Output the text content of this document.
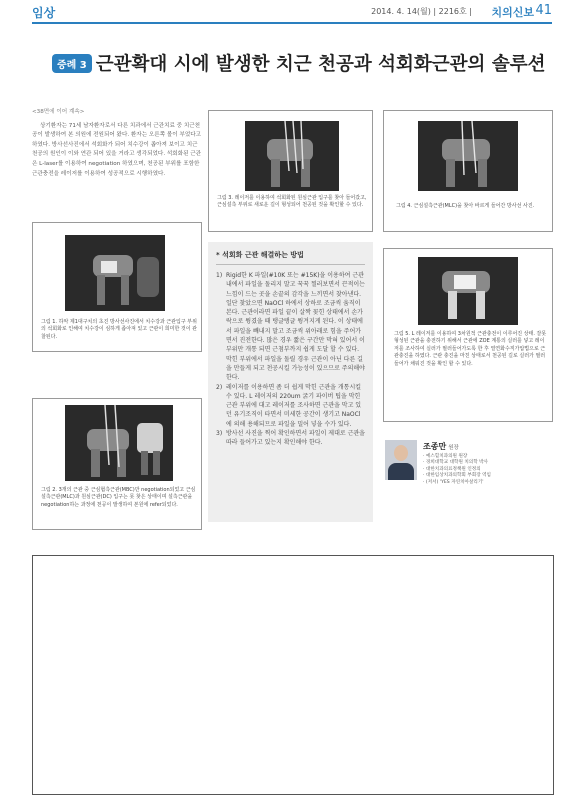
임상	2014. 4. 14(월) | 2216호 | 치의신보 41
증례 3 근관확대 시에 발생한 치근 천공과 석회화근관의 솔루션
<38면에 이어 계속>

상기환자는 71세 남자환자로서 다른 치과에서 근관치료 중 치근천공이 발생하여 본 의원에 전원되어 왔다. 환자는 오른쪽 볼이 부었다고 하였다. 방사선사진에서 석회화가 되어 치수강이 좁아져 보이고 치근 천공의 원인이 이와 연관 되어 있을 거라고 생각되었다. 석회화된 근관은 L-laser를 이용하여 negotiation 하였으며, 천공된 부위를 포함한 근관충전을 레이저를 이용하여 성공적으로 시행하였다.

그림 1. 하악 제1대구치의 초진 방사선사진에서 치수강과 근관입구 부위의 석회화로 인해여 치수강이 심하게 좁아져 있고 근관이 희미한 것이 관찰된다.
그림 2. 3개의 근관 중 근심협측근관(MBC)만 negotiation되었고 근심설측근관(MLC)과 원심근관(DC) 입구는 못 찾은 상태이며 설측근관을 negotiation하는 과정에 천공이 발생하여 본원에 refer되었다.
그림 3. 레이저를 이용하여 석회화된 원심근관 입구를 찾아 들어갔고, 근심설측 부위로 새로운 길이 형성되어 천공된 것을 확인할 수 있다.	그림 4. 근심설측근관(MLC)을 찾아 바르게 들어간 방사선 사진.
그림 5. L 레이저를 이용하여 3차원적 근관충전이 이루어진 상태. 잘못 형성된 근관을 충전하기 위해서 근관에 ZOE 계통의 실러를 넣고 레이저를 조사하여 실러가 필러들어가도록 한 후 열연화수직가압법으로 근관충진을 하였다. 근관 충진을 마친 상태로서 천공된 길로 실러가 필러들어가 채워진 것을 확인 할 수 있다.
* 석회화 근관 해결하는 방법
1) Rigid한 K 파일(#10K 또는 #15K)을 이용하여 근관내에서 파일을 돌리지 말고 꾹꾹 찔러보면서 끈적이는 느낌이 드는 곳을 손끝의 감각을 느끼면서 찾아낸다. 일단 찾았으면 NaOCl 하에서 상하로 조금씩 움직이본다. 근관이라면 파일 끝이 살짝 꽂힌 상태에서 손가락으로 튕겼을 때 탱글탱글 튕겨지게 된다. 이 상태에서 파일을 빼내지 말고 조금씩 위아래로 힘을 주어가면서 진전한다. 많은 경우 짧은 구간만 막혀 있어서 이 부위만 개통 되면 근첨부까지 쉽게 도달 할 수 있다. 막힌 부위에서 파일을 돌릴 경우 근관이 아닌 다른 길을 만들게 되고 천공시킬 가능성이 있으므로 주의해야 한다.
2) 레이저를 이용하면 좀 더 쉽게 막힌 근관을 개통시킬 수 있다. L 레이저의 220um 굵기 파이버 팁을 막힌 근관 부위에 대고 레이저를 조사하면 근관을 막고 있던 유기조직이 타면서 미세한 공간이 생기고 NaOCl에 의해 용해되므로 파일을 밀어 넣을 수가 있다.
3) 방사선 사진을 찍어 확인하면서 파일이 제대로 근관을 따라 들어가고 있는지 확인해야 한다.	조종만 원장
· 예스힐치과의원 원장
· 경희대학교 대학원 치의학 박사
· 대한치과의료정책원 인정의
· 대한임상치과의학회 부회장 역임
· (저서) 'YES 자연치아살리기'
